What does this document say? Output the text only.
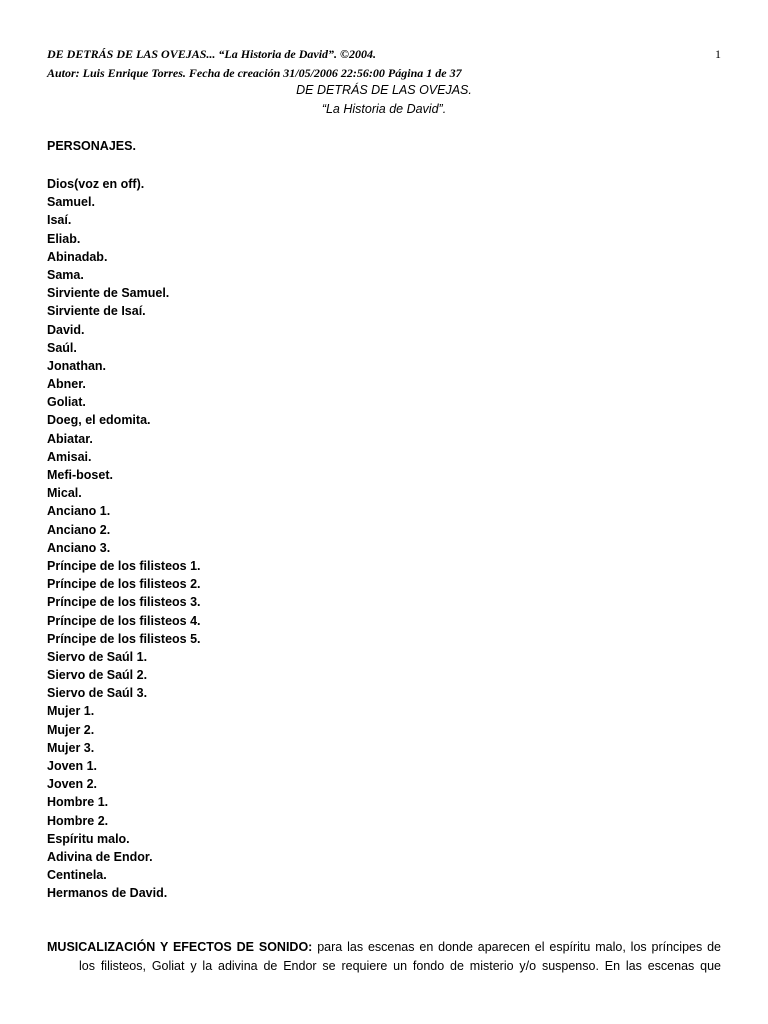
DE DETRÁS DE LAS OVEJAS... “La Historia de David”. ©2004.	1
Autor: Luis Enrique Torres. Fecha de creación 31/05/2006 22:56:00 Página 1 de 37
DE DETRÁS DE LAS OVEJAS.
“La Historia de David”.
PERSONAJES.
Dios(voz en off).
Samuel.
Isaí.
Eliab.
Abinadab.
Sama.
Sirviente de Samuel.
Sirviente de Isaí.
David.
Saúl.
Jonathan.
Abner.
Goliat.
Doeg, el edomita.
Abiatar.
Amisai.
Mefi-boset.
Mical.
Anciano 1.
Anciano 2.
Anciano 3.
Príncipe de los filisteos 1.
Príncipe de los filisteos 2.
Príncipe de los filisteos 3.
Príncipe de los filisteos 4.
Príncipe de los filisteos 5.
Siervo de Saúl 1.
Siervo de Saúl 2.
Siervo de Saúl 3.
Mujer 1.
Mujer 2.
Mujer 3.
Joven 1.
Joven 2.
Hombre 1.
Hombre 2.
Espíritu malo.
Adivina de Endor.
Centinela.
Hermanos de David.
MUSICALIZACIÓN Y EFECTOS DE SONIDO: para las escenas en donde aparecen el espíritu malo, los príncipes de
los filisteos, Goliat y la adivina de Endor se requiere un fondo de misterio y/o suspenso. En las escenas que
